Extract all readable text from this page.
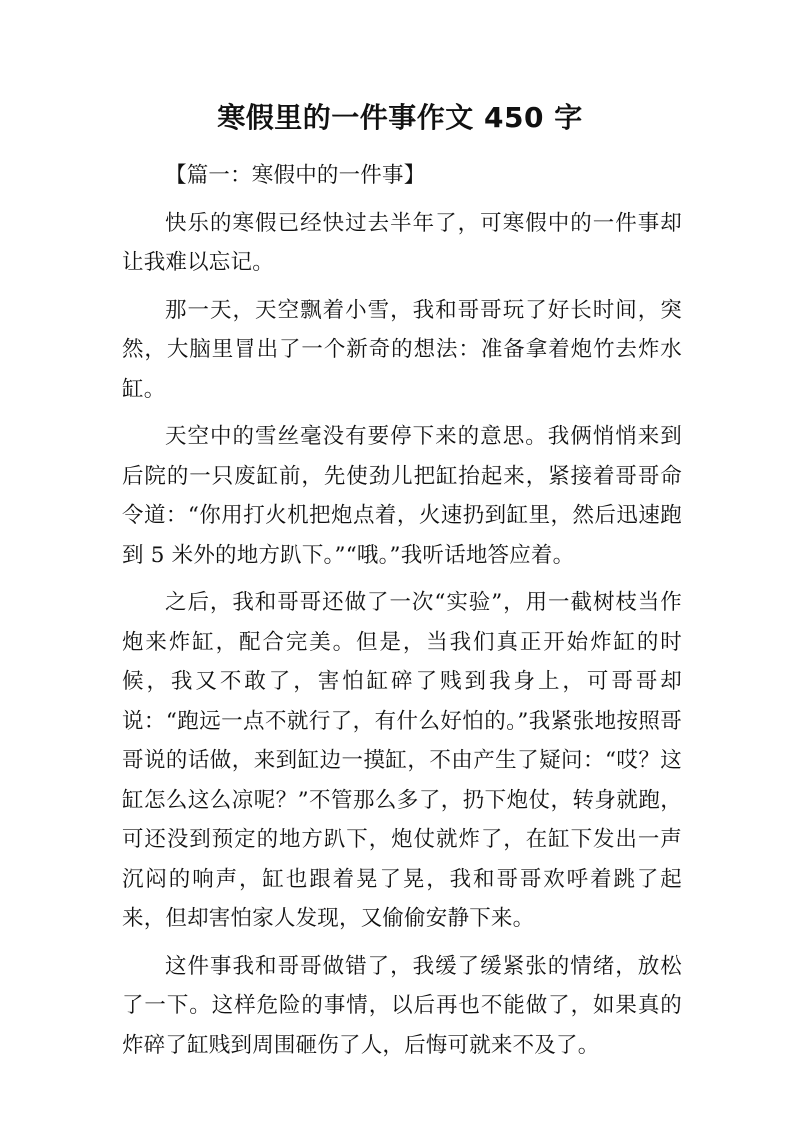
寒假里的一件事作文 450 字

【篇一：寒假中的一件事】

快乐的寒假已经快过去半年了，可寒假中的一件事却让我难以忘记。

那一天，天空飘着小雪，我和哥哥玩了好长时间，突然，大脑里冒出了一个新奇的想法：准备拿着炮竹去炸水缸。

天空中的雪丝毫没有要停下来的意思。我俩悄悄来到后院的一只废缸前，先使劲儿把缸抬起来，紧接着哥哥命令道：“你用打火机把炮点着，火速扔到缸里，然后迅速跑到 5 米外的地方趴下。”“哦。”我听话地答应着。

之后，我和哥哥还做了一次“实验”，用一截树枝当作炮来炸缸，配合完美。但是，当我们真正开始炸缸的时候，我又不敢了，害怕缸碎了贱到我身上，可哥哥却说：“跑远一点不就行了，有什么好怕的。”我紧张地按照哥哥说的话做，来到缸边一摸缸，不由产生了疑问：“哎？这缸怎么这么凉呢？”不管那么多了，扔下炮仗，转身就跑，可还没到预定的地方趴下，炮仗就炸了，在缸下发出一声沉闷的响声，缸也跟着晃了晃，我和哥哥欢呼着跳了起来，但却害怕家人发现，又偷偷安静下来。

这件事我和哥哥做错了，我缓了缓紧张的情绪，放松了一下。这样危险的事情，以后再也不能做了，如果真的炸碎了缸贱到周围砸伤了人，后悔可就来不及了。
